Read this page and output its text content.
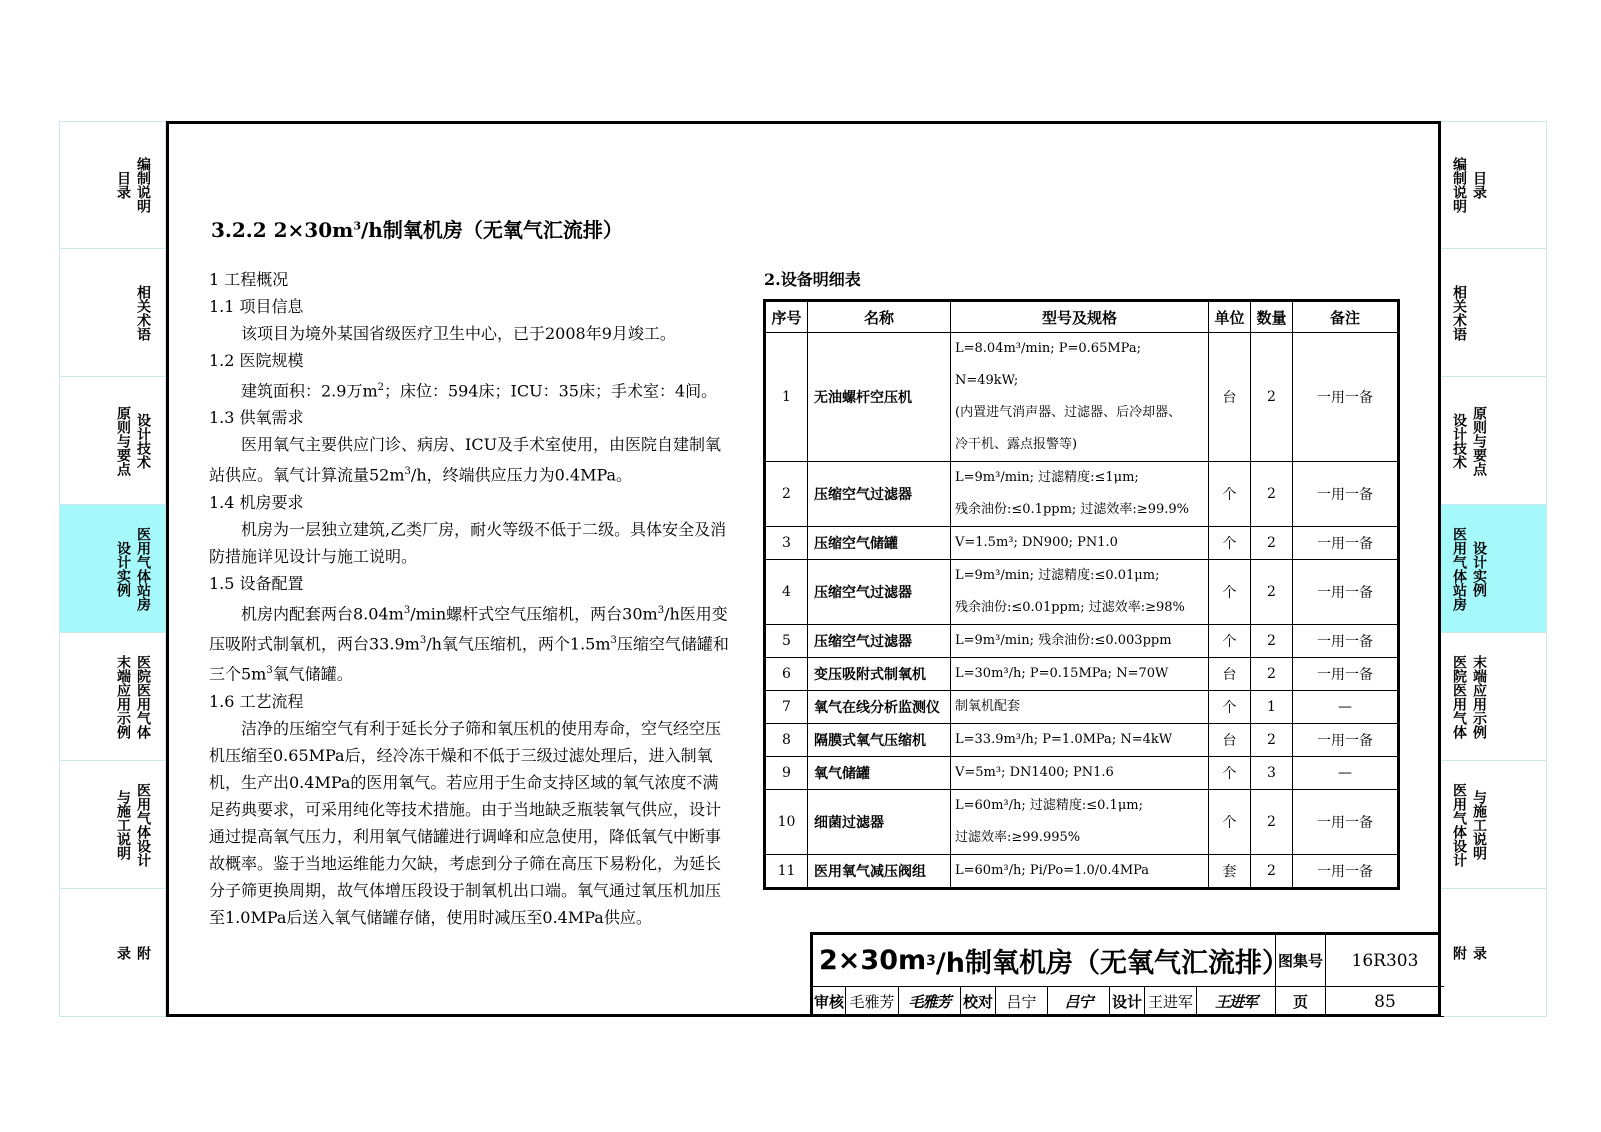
编制说明
目录
相关术语
设计技术
原则与要点
医用气体站房
设计实例
医院医用气体
末端应用示例
医用气体设计
与施工说明
附
录
编制说明 目录
相关术语
设计技术 原则与要点
医用气体站房 设计实例
医院医用气体 末端应用示例
医用气体设计 与施工说明
附 录
3.2.2 $2\times 30m^3/h$制氧机房（无氧气汇流排）
1 工程概况
1.1 项目信息
该项目为境外某国省级医疗卫生中心，已于2008年9月竣工。
1.2 医院规模
建筑面积：2.9万$m^2$；床位：594床；ICU：35床；手术室：4间。
1.3 供氧需求
医用氧气主要供应门诊、病房、ICU及手术室使用，由医院自建制氧站供应。氧气计算流量$52m^3/h$，终端供应压力为0.4MPa。
1.4 机房要求
机房为一层独立建筑,乙类厂房，耐火等级不低于二级。具体安全及消防措施详见设计与施工说明。
1.5 设备配置
机房内配套两台$8.04m^3/\min$螺杆式空气压缩机，两台$30m^3/h$医用变压吸附式制氧机，两台$33.9m^3/h$氧气压缩机，两个$1.5m^3$压缩空气储罐和三个$5m^3$氧气储罐。
1.6 工艺流程
洁净的压缩空气有利于延长分子筛和氧压机的使用寿命，空气经空压机压缩至0.65MPa后，经冷冻干燥和不低于三级过滤处理后，进入制氧机，生产出0.4MPa的医用氧气。若应用于生命支持区域的氧气浓度不满足药典要求，可采用纯化等技术措施。由于当地缺乏瓶装氧气供应，设计通过提高氧气压力，利用氧气储罐进行调峰和应急使用，降低氧气中断事故概率。鉴于当地运维能力欠缺，考虑到分子筛在高压下易粉化，为延长分子筛更换周期，故气体增压段设于制氧机出口端。氧气通过氧压机加压至1.0MPa后送入氧气储罐存储，使用时减压至0.4MPa供应。
2.设备明细表
序号	名称	型号及规格	单位	数量	备注
1	无油螺杆空压机	L=8.04m³/min; P=0.65MPa; N=49kW;
(内置进气消声器、过滤器、后冷却器、
冷干机、露点报警等)	台	2	一用一备
2	压缩空气过滤器	L=9m³/min; 过滤精度:≤1μm;
残余油份:≤0.1ppm; 过滤效率:≥99.9%	个	2	一用一备
3	压缩空气储罐	V=1.5m³; DN900; PN1.0	个	2	一用一备
4	压缩空气过滤器	L=9m³/min; 过滤精度:≤0.01μm;
残余油份:≤0.01ppm; 过滤效率:≥98%	个	2	一用一备
5	压缩空气过滤器	L=9m³/min; 残余油份:≤0.003ppm	个	2	一用一备
6	变压吸附式制氧机	L=30m³/h; P=0.15MPa; N=70W	台	2	一用一备
7	氧气在线分析监测仪	制氧机配套	个	1	—
8	隔膜式氧气压缩机	L=33.9m³/h; P=1.0MPa; N=4kW	台	2	一用一备
9	氧气储罐	V=5m³; DN1400; PN1.6	个	3	—
10	细菌过滤器	L=60m³/h; 过滤精度:≤0.1μm;
过滤效率:≥99.995%	个	2	一用一备
11	医用氧气减压阀组	L=60m³/h; Pi/Po=1.0/0.4MPa	套	2	一用一备
2×30m 3 /h制氧机房（无氧气汇流排）
图集号	16R303
审核 毛雅芳 毛雅芳 校对 吕宁	吕宁	设计 王进军	王进军	页	85
